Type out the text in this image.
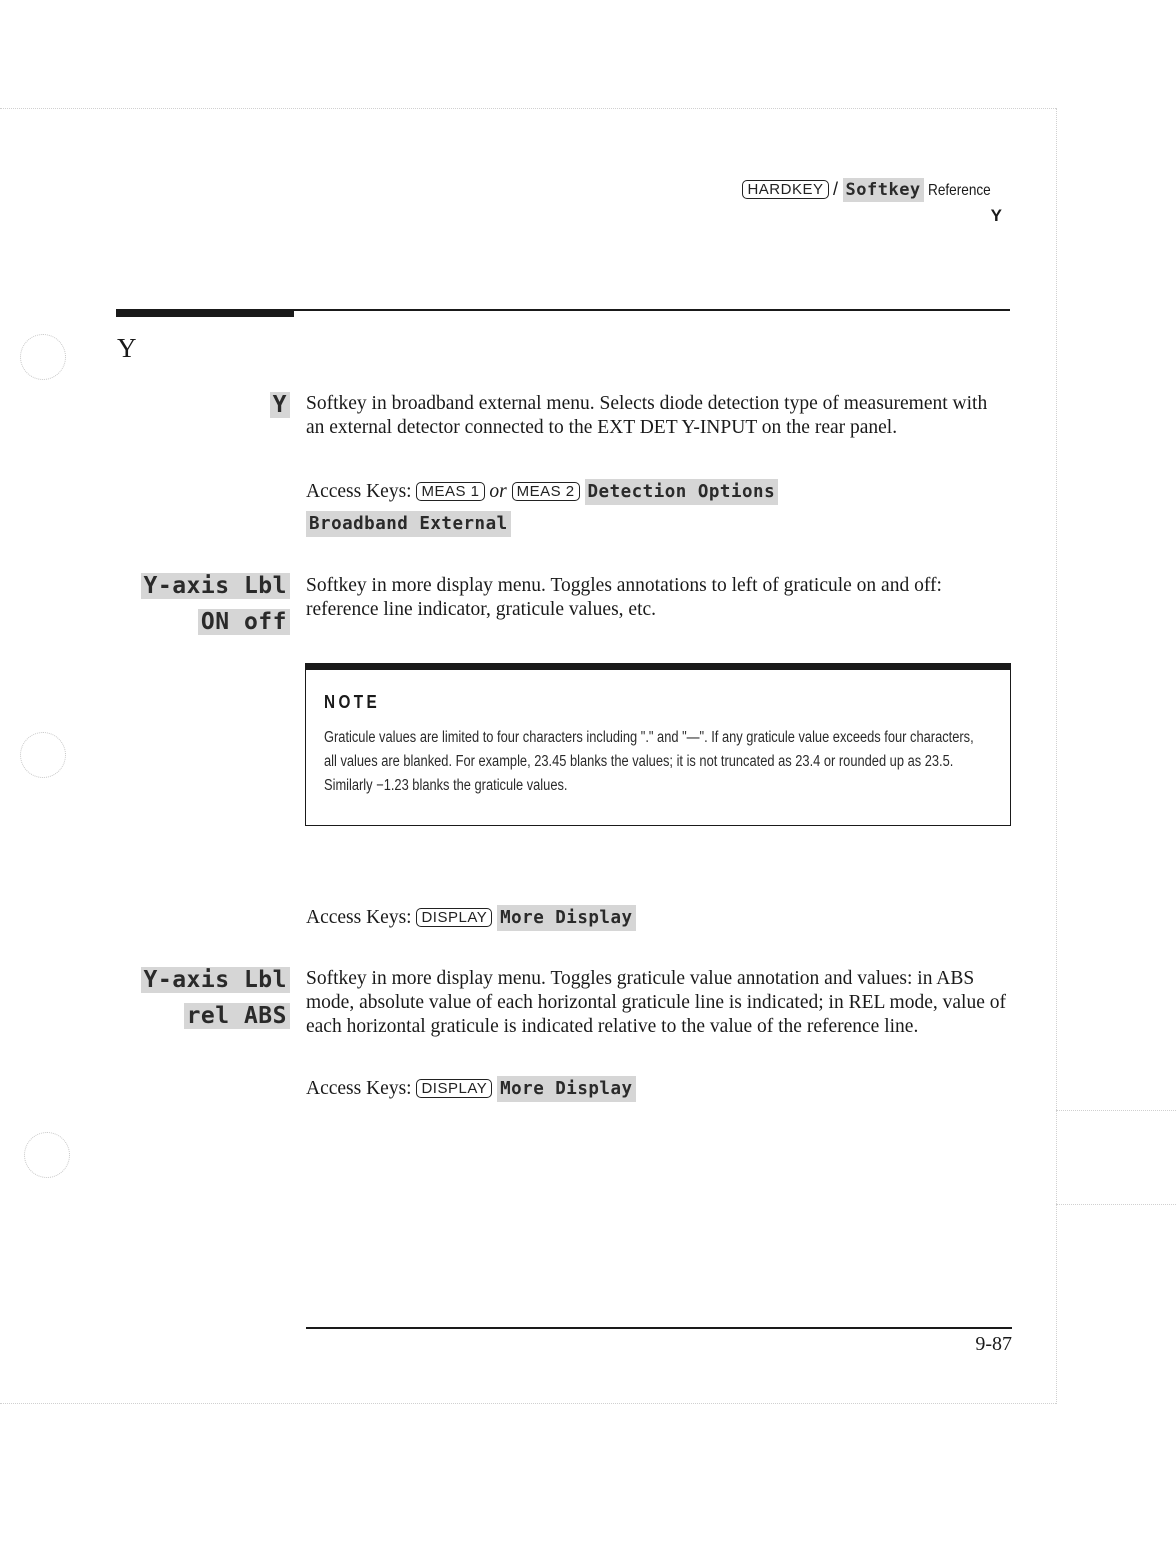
HARDKEY / Softkey Reference
Y
Y
Y Softkey in broadband external menu. Selects diode detection type of measurement with an external detector connected to the EXT DET Y-INPUT on the rear panel.
Access Keys: MEAS 1 or MEAS 2 Detection Options
Broadband External
Y-axis Lbl
ON off
Softkey in more display menu. Toggles annotations to left of graticule on and off: reference line indicator, graticule values, etc.
NOTE
Graticule values are limited to four characters including "." and "—". If any graticule value exceeds four characters, all values are blanked. For example, 23.45 blanks the values; it is not truncated as 23.4 or rounded up as 23.5. Similarly −1.23 blanks the graticule values.
Access Keys: DISPLAY More Display
Y-axis Lbl
rel ABS
Softkey in more display menu. Toggles graticule value annotation and values: in ABS mode, absolute value of each horizontal graticule line is indicated; in REL mode, value of each horizontal graticule is indicated relative to the value of the reference line.
Access Keys: DISPLAY More Display
9-87
